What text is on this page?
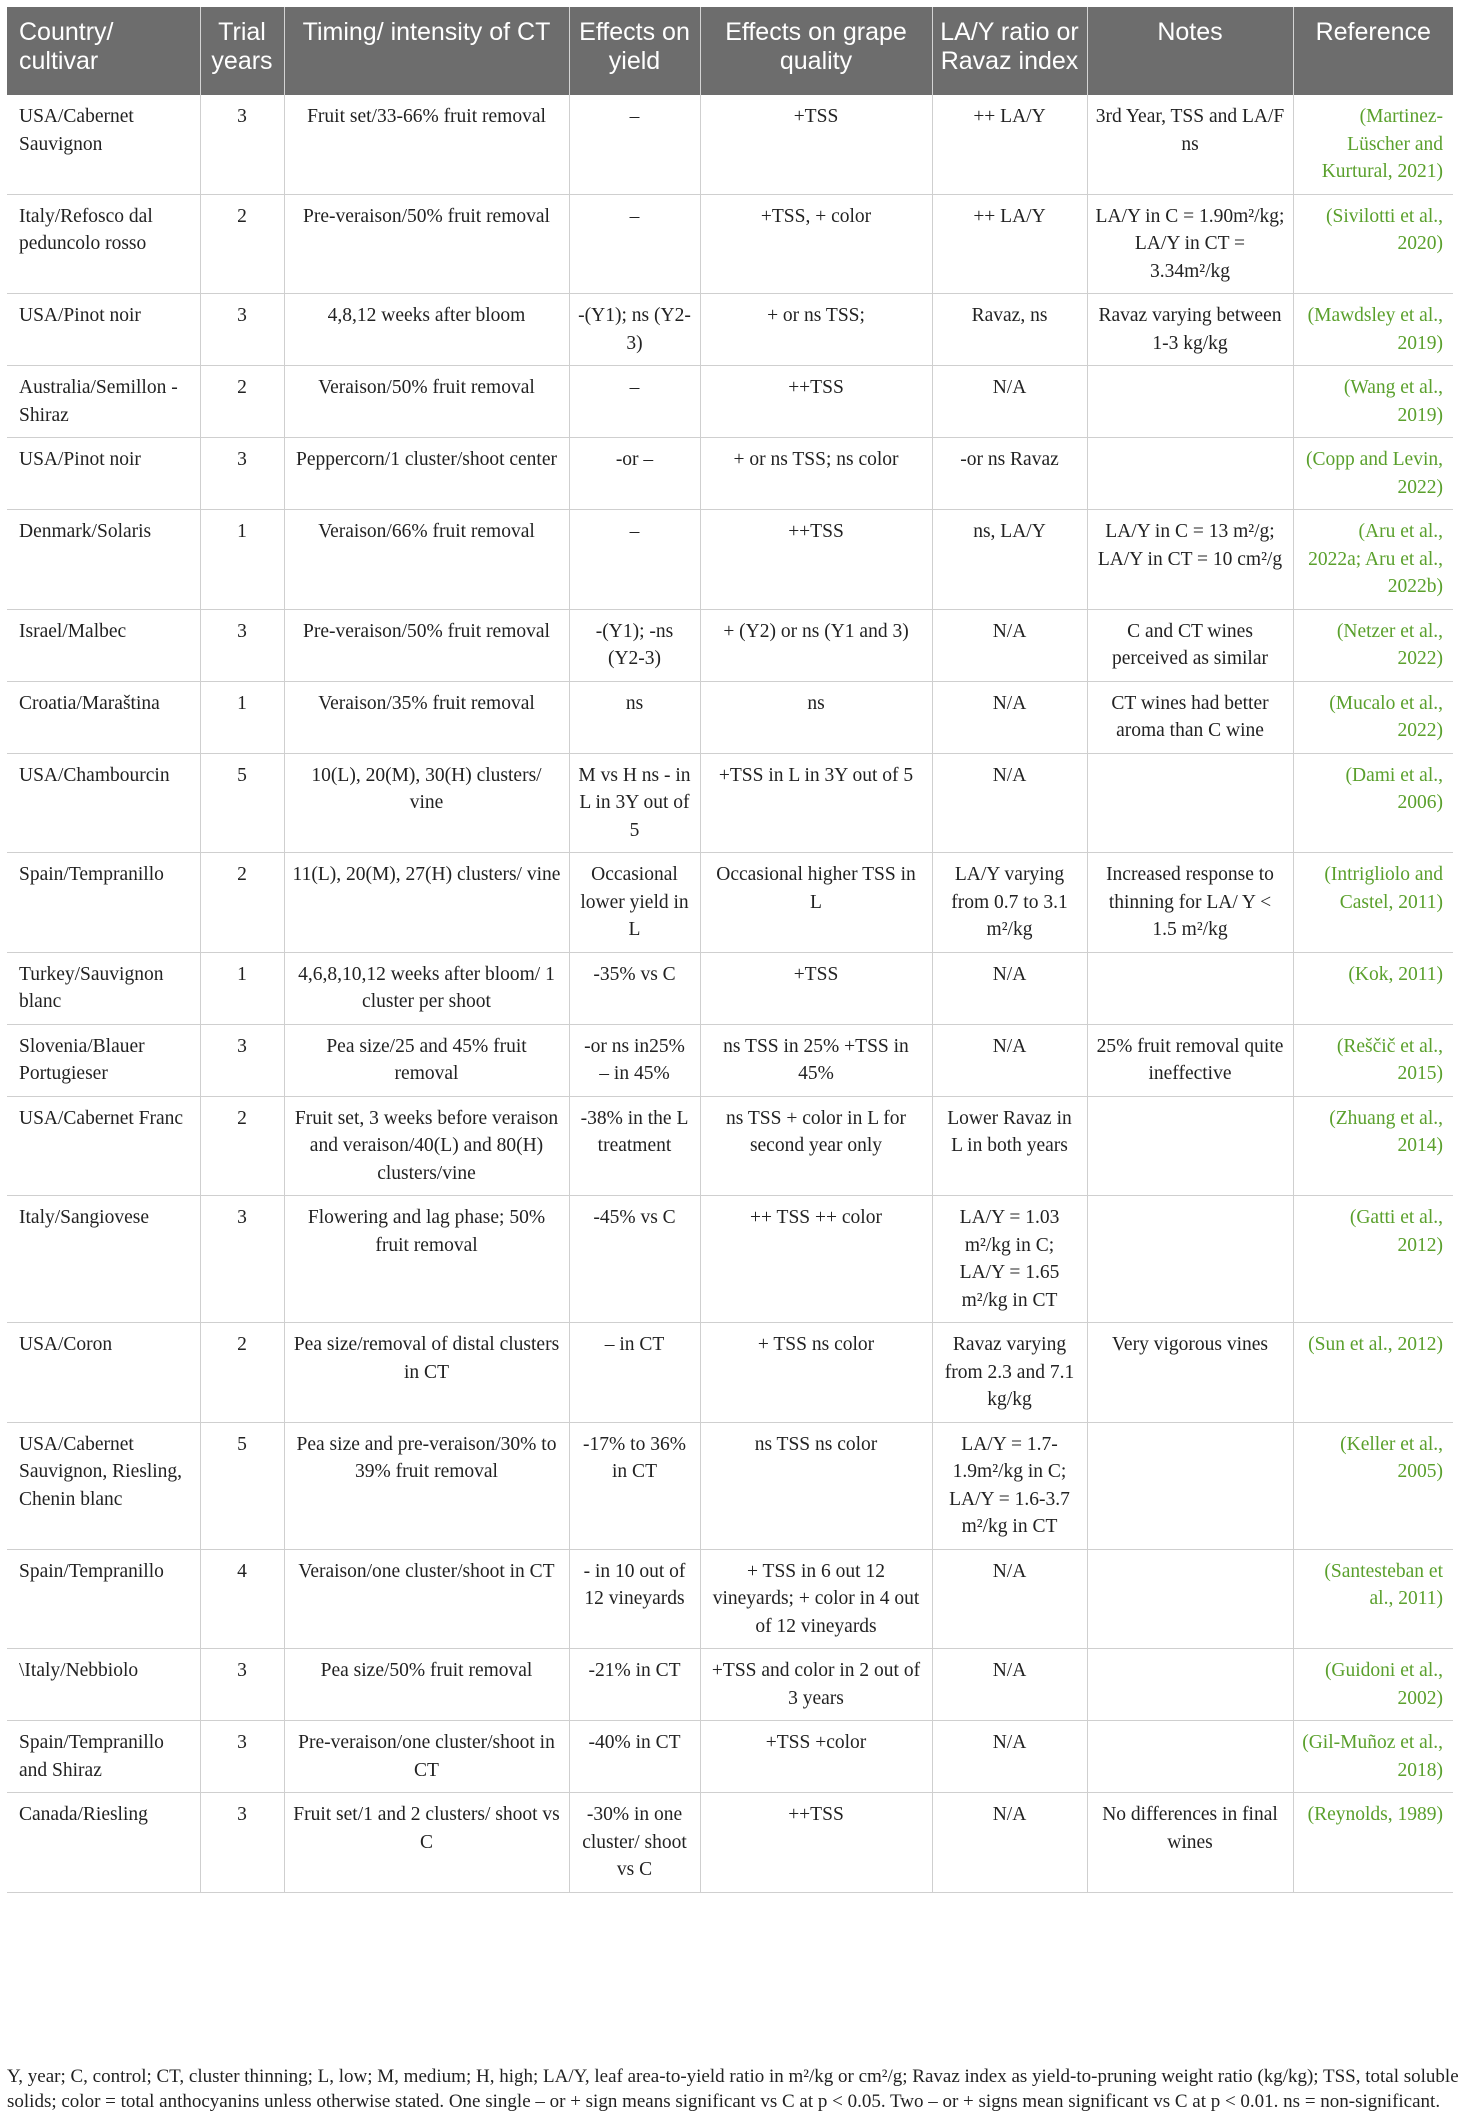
Country/ cultivar	Trial years	Timing/ intensity of CT	Effects on yield	Effects on grape quality	LA/Y ratio or Ravaz index	Notes	Reference
USA/Cabernet Sauvignon	3	Fruit set/33-66% fruit removal	–	+TSS	++ LA/Y	3rd Year, TSS and LA/F ns	(Martinez-Lüscher and Kurtural, 2021)
Italy/Refosco dal peduncolo rosso	2	Pre-veraison/50% fruit removal	–	+TSS, + color	++ LA/Y	LA/Y in C = 1.90m²/kg; LA/Y in CT = 3.34m²/kg	(Sivilotti et al., 2020)
USA/Pinot noir	3	4,8,12 weeks after bloom	-(Y1); ns (Y2-3)	+ or ns TSS;	Ravaz, ns	Ravaz varying between 1-3 kg/kg	(Mawdsley et al., 2019)
Australia/Semillon - Shiraz	2	Veraison/50% fruit removal	–	++TSS	N/A		(Wang et al., 2019)
USA/Pinot noir	3	Peppercorn/1 cluster/shoot center	-or –	+ or ns TSS; ns color	-or ns Ravaz		(Copp and Levin, 2022)
Denmark/Solaris	1	Veraison/66% fruit removal	–	++TSS	ns, LA/Y	LA/Y in C = 13 m²/g; LA/Y in CT = 10 cm²/g	(Aru et al., 2022a; Aru et al., 2022b)
Israel/Malbec	3	Pre-veraison/50% fruit removal	-(Y1); -ns (Y2-3)	+ (Y2) or ns (Y1 and 3)	N/A	C and CT wines perceived as similar	(Netzer et al., 2022)
Croatia/Maraština	1	Veraison/35% fruit removal	ns	ns	N/A	CT wines had better aroma than C wine	(Mucalo et al., 2022)
USA/Chambourcin	5	10(L), 20(M), 30(H) clusters/ vine	M vs H ns - in L in 3Y out of 5	+TSS in L in 3Y out of 5	N/A		(Dami et al., 2006)
Spain/Tempranillo	2	11(L), 20(M), 27(H) clusters/ vine	Occasional lower yield in L	Occasional higher TSS in L	LA/Y varying from 0.7 to 3.1 m²/kg	Increased response to thinning for LA/ Y < 1.5 m²/kg	(Intrigliolo and Castel, 2011)
Turkey/Sauvignon blanc	1	4,6,8,10,12 weeks after bloom/ 1 cluster per shoot	-35% vs C	+TSS	N/A		(Kok, 2011)
Slovenia/Blauer Portugieser	3	Pea size/25 and 45% fruit removal	-or ns in25% – in 45%	ns TSS in 25% +TSS in 45%	N/A	25% fruit removal quite ineffective	(Reščič et al., 2015)
USA/Cabernet Franc	2	Fruit set, 3 weeks before veraison and veraison/40(L) and 80(H) clusters/vine	-38% in the L treatment	ns TSS + color in L for second year only	Lower Ravaz in L in both years		(Zhuang et al., 2014)
Italy/Sangiovese	3	Flowering and lag phase; 50% fruit removal	-45% vs C	++ TSS ++ color	LA/Y = 1.03 m²/kg in C; LA/Y = 1.65 m²/kg in CT		(Gatti et al., 2012)
USA/Coron	2	Pea size/removal of distal clusters in CT	– in CT	+ TSS ns color	Ravaz varying from 2.3 and 7.1 kg/kg	Very vigorous vines	(Sun et al., 2012)
USA/Cabernet Sauvignon, Riesling, Chenin blanc	5	Pea size and pre-veraison/30% to 39% fruit removal	-17% to 36% in CT	ns TSS ns color	LA/Y = 1.7-1.9m²/kg in C; LA/Y = 1.6-3.7 m²/kg in CT		(Keller et al., 2005)
Spain/Tempranillo	4	Veraison/one cluster/shoot in CT	- in 10 out of 12 vineyards	+ TSS in 6 out 12 vineyards; + color in 4 out of 12 vineyards	N/A		(Santesteban et al., 2011)
\Italy/Nebbiolo	3	Pea size/50% fruit removal	-21% in CT	+TSS and color in 2 out of 3 years	N/A		(Guidoni et al., 2002)
Spain/Tempranillo and Shiraz	3	Pre-veraison/one cluster/shoot in CT	-40% in CT	+TSS +color	N/A		(Gil-Muñoz et al., 2018)
Canada/Riesling	3	Fruit set/1 and 2 clusters/ shoot vs C	-30% in one cluster/ shoot vs C	++TSS	N/A	No differences in final wines	(Reynolds, 1989)
Y, year; C, control; CT, cluster thinning; L, low; M, medium; H, high; LA/Y, leaf area-to-yield ratio in m²/kg or cm²/g; Ravaz index as yield-to-pruning weight ratio (kg/kg); TSS, total soluble
solids; color = total anthocyanins unless otherwise stated. One single – or + sign means significant vs C at p < 0.05. Two – or + signs mean significant vs C at p < 0.01. ns = non-significant.
